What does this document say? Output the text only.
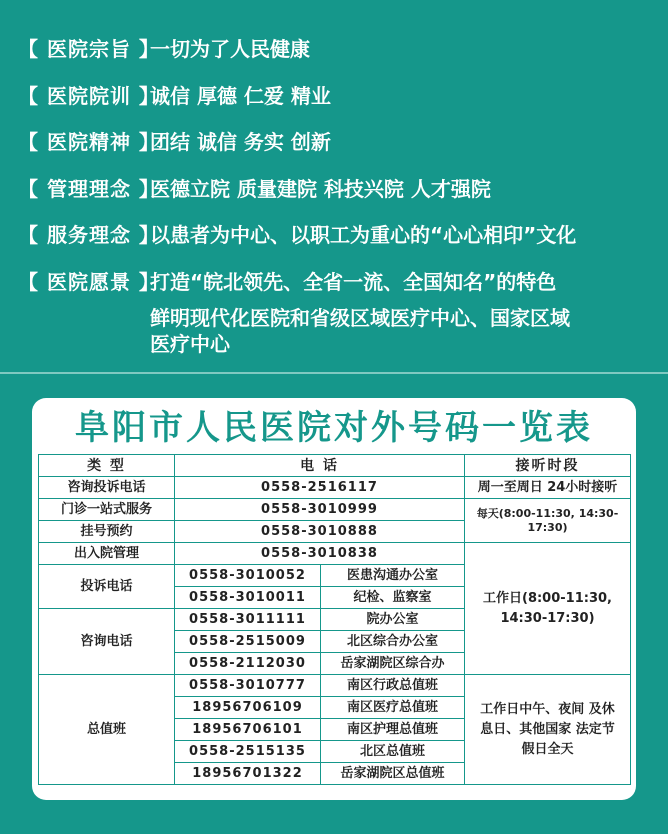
【 医院宗旨 】一切为了人民健康
【 医院院训 】诚信 厚德 仁爱 精业
【 医院精神 】团结 诚信 务实 创新
【 管理理念 】医德立院 质量建院 科技兴院 人才强院
【 服务理念 】以患者为中心、以职工为重心的“心心相印”文化
【 医院愿景 】打造“皖北领先、全省一流、全国知名”的特色
鲜明现代化医院和省级区域医疗中心、国家区域
医疗中心
阜阳市人民医院对外号码一览表
类 型	电 话		接听时段
咨询投诉电话	0558-2516117		周一至周日 24小时接听
门诊一站式服务	0558-3010999		每天(8:00-11:30, 14:30-17:30)
挂号预约	0558-3010888		
出入院管理	0558-3010838		工作日(8:00-11:30, 14:30-17:30)
投诉电话	0558-3010052	医患沟通办公室	
	0558-3010011	纪检、监察室	
咨询电话	0558-3011111	院办公室	
	0558-2515009	北区综合办公室	
	0558-2112030	岳家湖院区综合办	
总值班	0558-3010777	南区行政总值班	工作日中午、夜间 及休息日、其他国家 法定节假日全天
	18956706109	南区医疗总值班	
	18956706101	南区护理总值班	
	0558-2515135	北区总值班	
	18956701322	岳家湖院区总值班	
